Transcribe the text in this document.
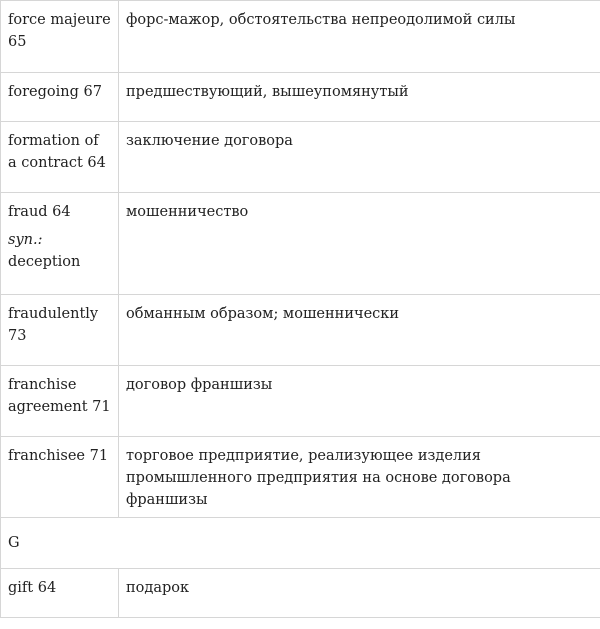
force majeure 65	форс-мажор, обстоятельства непреодолимой силы
foregoing 67	предшествующий, вышеупомянутый
formation of a contract 64	заключение договора

fraud 64
syn.:
deception	мошенничество
fraudulently 73	обманным образом; мошеннически
franchise agreement 71	договор франшизы
franchisee 71	торговое предприятие, реализующее изделия промышленного предприятия на основе договора франшизы
G	
gift 64	подарок
